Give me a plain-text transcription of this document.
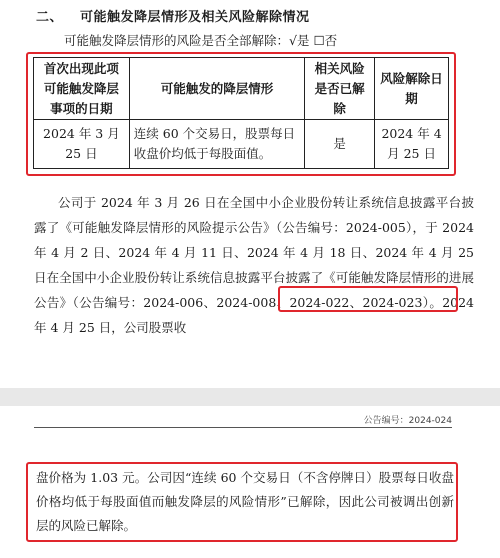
二、 可能触发降层情形及相关风险解除情况
可能触发降层情形的风险是否全部解除：√是 ☐否
首次出现此项可能触发降层事项的日期	可能触发的降层情形	相关风险是否已解除	风险解除日期
2024 年 3 月 25 日	连续 60 个交易日，股票每日收盘价均低于每股面值。	是	2024 年 4 月 25 日
公司于 2024 年 3 月 26 日在全国中小企业股份转让系统信息披露平台披露了《可能触发降层情形的风险提示公告》（公告编号：2024-005），于 2024 年 4 月 2 日、2024 年 4 月 11 日、2024 年 4 月 18 日、2024 年 4 月 25 日在全国中小企业股份转让系统信息披露平台披露了《可能触发降层情形的进展公告》（公告编号：2024-006、2024-008、2024-022、2024-023）。2024 年 4 月 25 日，公司股票收
公告编号：2024-024
盘价格为 1.03 元。公司因“连续 60 个交易日（不含停牌日）股票每日收盘价格均低于每股面值而触发降层的风险情形”已解除，因此公司被调出创新层的风险已解除。
